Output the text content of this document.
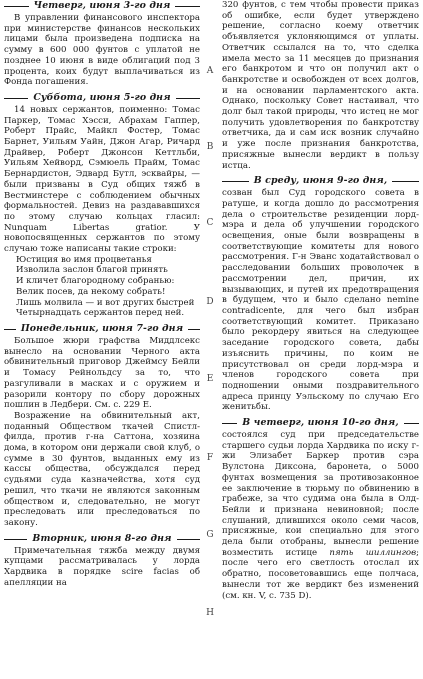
Четверг, июня 3-го дня

В управлении финансового инспектора при министерстве финансов нескольких лицами была произведена подписка на сумму в 600 000 фунтов с уплатой не позднее 10 июня в виде облигаций под 3 процента, коих будут выплачиваться из Фонда погашения.

Суббота, июня 5-го дня

14 новых сержантов, поименно: Томас Паркер, Томас Хэсси, Абрахам Гаппер, Роберт Прайс, Майкл Фостер, Томас Барнет, Уильям Уайн, Джон Агар, Ричард Драйвер, Роберт Джонсон Кеттльби, Уильям Хейворд, Сэмюель Прайм, Томас Бернардистон, Эдвард Бутл, эсквайры, — были призваны в Суд общих тяжб в Вестминстере с соблюдением обычных формальностей. Девиз на раздававшихся по этому случаю кольцах гласил: Nunquam Libertas gratior. У новопосвященных сержантов по этому случаю тоже написаны такие строки:

Юстиция во имя процветанья
Изволила заслон благой принять
И кличет благородному собранью:
Велик посев, да некому собрать!
Лишь молвила — и вот других быстрей
Четырнадцать сержантов перед ней.
Понедельник, июня 7-го дня

Большое жюри графства Миддлсекс вынесло на основании Черного акта обвинительный приговор Джеймсу Бейли и Томасу Рейнольдсу за то, что разгуливали в масках и с оружием и разорили контору по сбору дорожных пошлин в Ледбери. См. с. 229 Е.

Возражение на обвинительный акт, поданный Обществом ткачей Спистл-филда, против г-на Саттона, хозяина дома, в котором они держали свой клуб, о сумме в 30 фунтов, выданных ему из кассы общества, обсуждался перед судьями суда казначейства, хотя суд решил, что ткачи не являются законным обществом и, следовательно, не могут преследовать или преследоваться по закону.

Вторник, июня 8-го дня

Примечательная тяжба между двумя купцами рассматривалась у лорда Хардвика в порядке scire facias об апелляции на

A
B
C
D
E
F
G
H

320 фунтов, с тем чтобы провести приказ об ошибке, если будет утверждено решение, согласно коему ответчик объявляется уклоняющимся от уплаты. Ответчик ссылался на то, что сделка имела место за 11 месяцев до признания его банкротом и что он получил акт о банкротстве и освобожден от всех долгов, и на основании парламентского акта. Однако, поскольку Совет настаивал, что долг был такой природы, что истец не мог получить удовлетворения по банкротству ответчика, да и сам иск возник случайно и уже после признания банкротства, присяжные вынесли вердикт в пользу истца.

В среду, июня 9-го дня,

созван был Суд городского совета в ратуше, и когда дошло до рассмотрения дела о строительстве резиденции лорд-мэра и дела об улучшении городского освещения, оные были возвращены в соответствующие комитеты для нового рассмотрения. Г-н Эванс ходатайствовал о расследовании больших проволочек в рассмотрении дел, причин, их вызывающих, и путей их предотвращения в будущем, что и было сделано nemine contradicente, для чего был избран соответствующий комитет. Приказано было рекордеру явиться на следующее заседание городского совета, дабы изъяснить причины, по коим не присутствовал он среди лорд-мэра и членов городского совета при подношении оными поздравительного адреса принцу Уэльскому по случаю Его женитьбы.

В четверг, июня 10-го дня,

состоялся суд при председательстве старшего судьи лорда Хардвика по иску г-жи Элизабет Баркер против сэра Вулстона Диксона, баронета, о 5000 фунтах возмещения за противозаконное ее заключение в тюрьму по обвинению в грабеже, за что судима она была в Олд-Бейли и признана невиновной; после слушаний, длившихся около семи часов, присяжные, кои специально для этого дела были отобраны, вынесли решение возместить истице пять шиллингов; после чего его светлость отослал их обратно, посоветовавшись еще полчаса, вынесли тот же вердикт без изменений (см. кн. V, с. 735 D).
